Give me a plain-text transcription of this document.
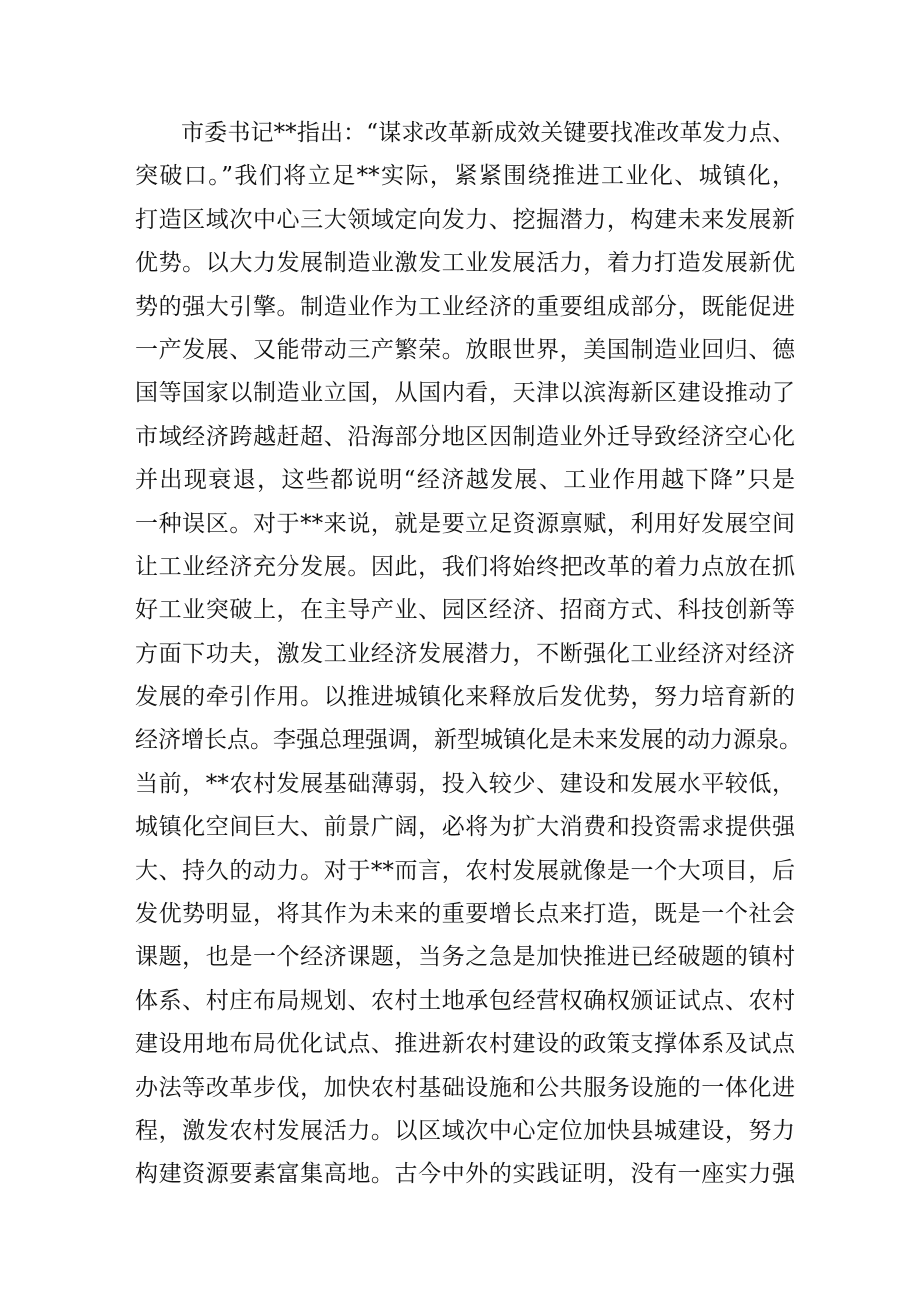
市委书记**指出：“谋求改革新成效关键要找准改革发力点、
突破口。”我们将立足**实际，紧紧围绕推进工业化、城镇化，
打造区域次中心三大领域定向发力、挖掘潜力，构建未来发展新
优势。以大力发展制造业激发工业发展活力，着力打造发展新优
势的强大引擎。制造业作为工业经济的重要组成部分，既能促进
一产发展、又能带动三产繁荣。放眼世界，美国制造业回归、德
国等国家以制造业立国，从国内看，天津以滨海新区建设推动了
市域经济跨越赶超、沿海部分地区因制造业外迁导致经济空心化
并出现衰退，这些都说明“经济越发展、工业作用越下降”只是
一种误区。对于**来说，就是要立足资源禀赋，利用好发展空间
让工业经济充分发展。因此，我们将始终把改革的着力点放在抓
好工业突破上，在主导产业、园区经济、招商方式、科技创新等
方面下功夫，激发工业经济发展潜力，不断强化工业经济对经济
发展的牵引作用。以推进城镇化来释放后发优势，努力培育新的
经济增长点。李强总理强调，新型城镇化是未来发展的动力源泉。
当前，**农村发展基础薄弱，投入较少、建设和发展水平较低，
城镇化空间巨大、前景广阔，必将为扩大消费和投资需求提供强
大、持久的动力。对于**而言，农村发展就像是一个大项目，后
发优势明显，将其作为未来的重要增长点来打造，既是一个社会
课题，也是一个经济课题，当务之急是加快推进已经破题的镇村
体系、村庄布局规划、农村土地承包经营权确权颁证试点、农村
建设用地布局优化试点、推进新农村建设的政策支撑体系及试点
办法等改革步伐，加快农村基础设施和公共服务设施的一体化进
程，激发农村发展活力。以区域次中心定位加快县城建设，努力
构建资源要素富集高地。古今中外的实践证明，没有一座实力强
